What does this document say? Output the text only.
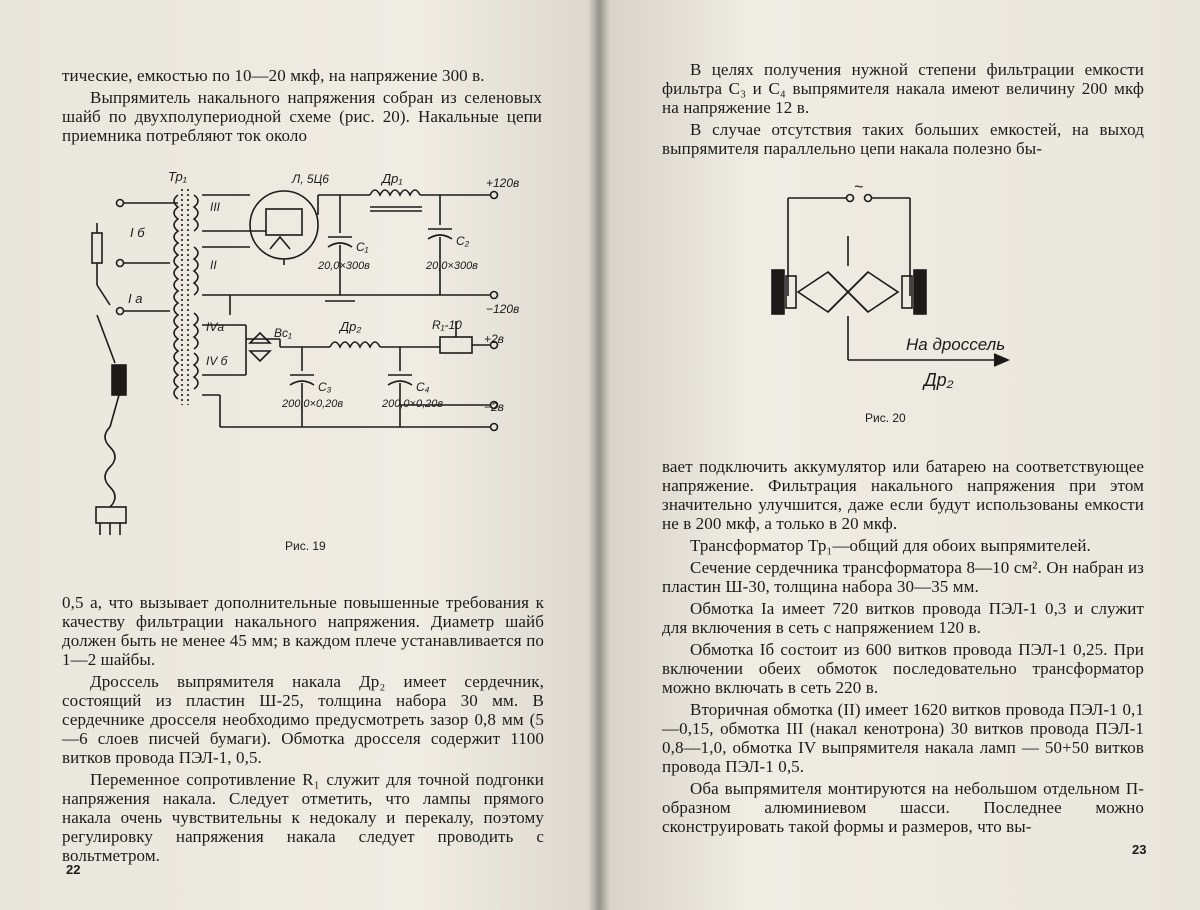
тические, емкостью по 10—20 мкф, на напряжение 300 в.

Выпрямитель накального напряжения собран из селеновых шайб по двухполупериодной схеме (рис. 20). Накальные цепи приемника потребляют ток около

Тр₁	Л, 5Ц6	Др₁	+120в
−120в
III
II
C₁
20,0×300в
C₂
20,0×300в
I б
I а
IVа
IV б
Вс₁	Др₂	R₁-10
+2в
−2в
C₃
200,0×0,20в
C₄
200,0×0,20в
Рис. 19

0,5 а, что вызывает дополнительные повышенные требования к качеству фильтрации накального напряжения. Диаметр шайб должен быть не менее 45 мм; в каждом плече устанавливается по 1—2 шайбы.

Дроссель выпрямителя накала Др₂ имеет сердечник, состоящий из пластин Ш-25, толщина набора 30 мм. В сердечнике дросселя необходимо предусмотреть зазор 0,8 мм (5—6 слоев писчей бумаги). Обмотка дросселя содержит 1100 витков провода ПЭЛ-1, 0,5.

Переменное сопротивление R₁ служит для точной подгонки напряжения накала. Следует отметить, что лампы прямого накала очень чувствительны к недокалу и перекалу, поэтому регулировку напряжения накала следует проводить с вольтметром.

22

В целях получения нужной степени фильтрации емкости фильтра C₃ и C₄ выпрямителя накала имеют величину 200 мкф на напряжение 12 в.

В случае отсутствия таких больших емкостей, на выход выпрямителя параллельно цепи накала полезно бы-

~
На дроссель
Др₂
Рис. 20

вает подключить аккумулятор или батарею на соответствующее напряжение. Фильтрация накального напряжения при этом значительно улучшится, даже если будут использованы емкости не в 200 мкф, а только в 20 мкф.

Трансформатор Тр₁—общий для обоих выпрямителей.

Сечение сердечника трансформатора 8—10 см². Он набран из пластин Ш-30, толщина набора 30—35 мм.

Обмотка Iа имеет 720 витков провода ПЭЛ-1 0,3 и служит для включения в сеть с напряжением 120 в.

Обмотка Iб состоит из 600 витков провода ПЭЛ-1 0,25. При включении обеих обмоток последовательно трансформатор можно включать в сеть 220 в.

Вторичная обмотка (II) имеет 1620 витков провода ПЭЛ-1 0,1—0,15, обмотка III (накал кенотрона) 30 витков провода ПЭЛ-1 0,8—1,0, обмотка IV выпрямителя накала ламп — 50+50 витков провода ПЭЛ-1 0,5.

Оба выпрямителя монтируются на небольшом отдельном П-образном алюминиевом шасси. Последнее можно сконструировать такой формы и размеров, что вы-

23
